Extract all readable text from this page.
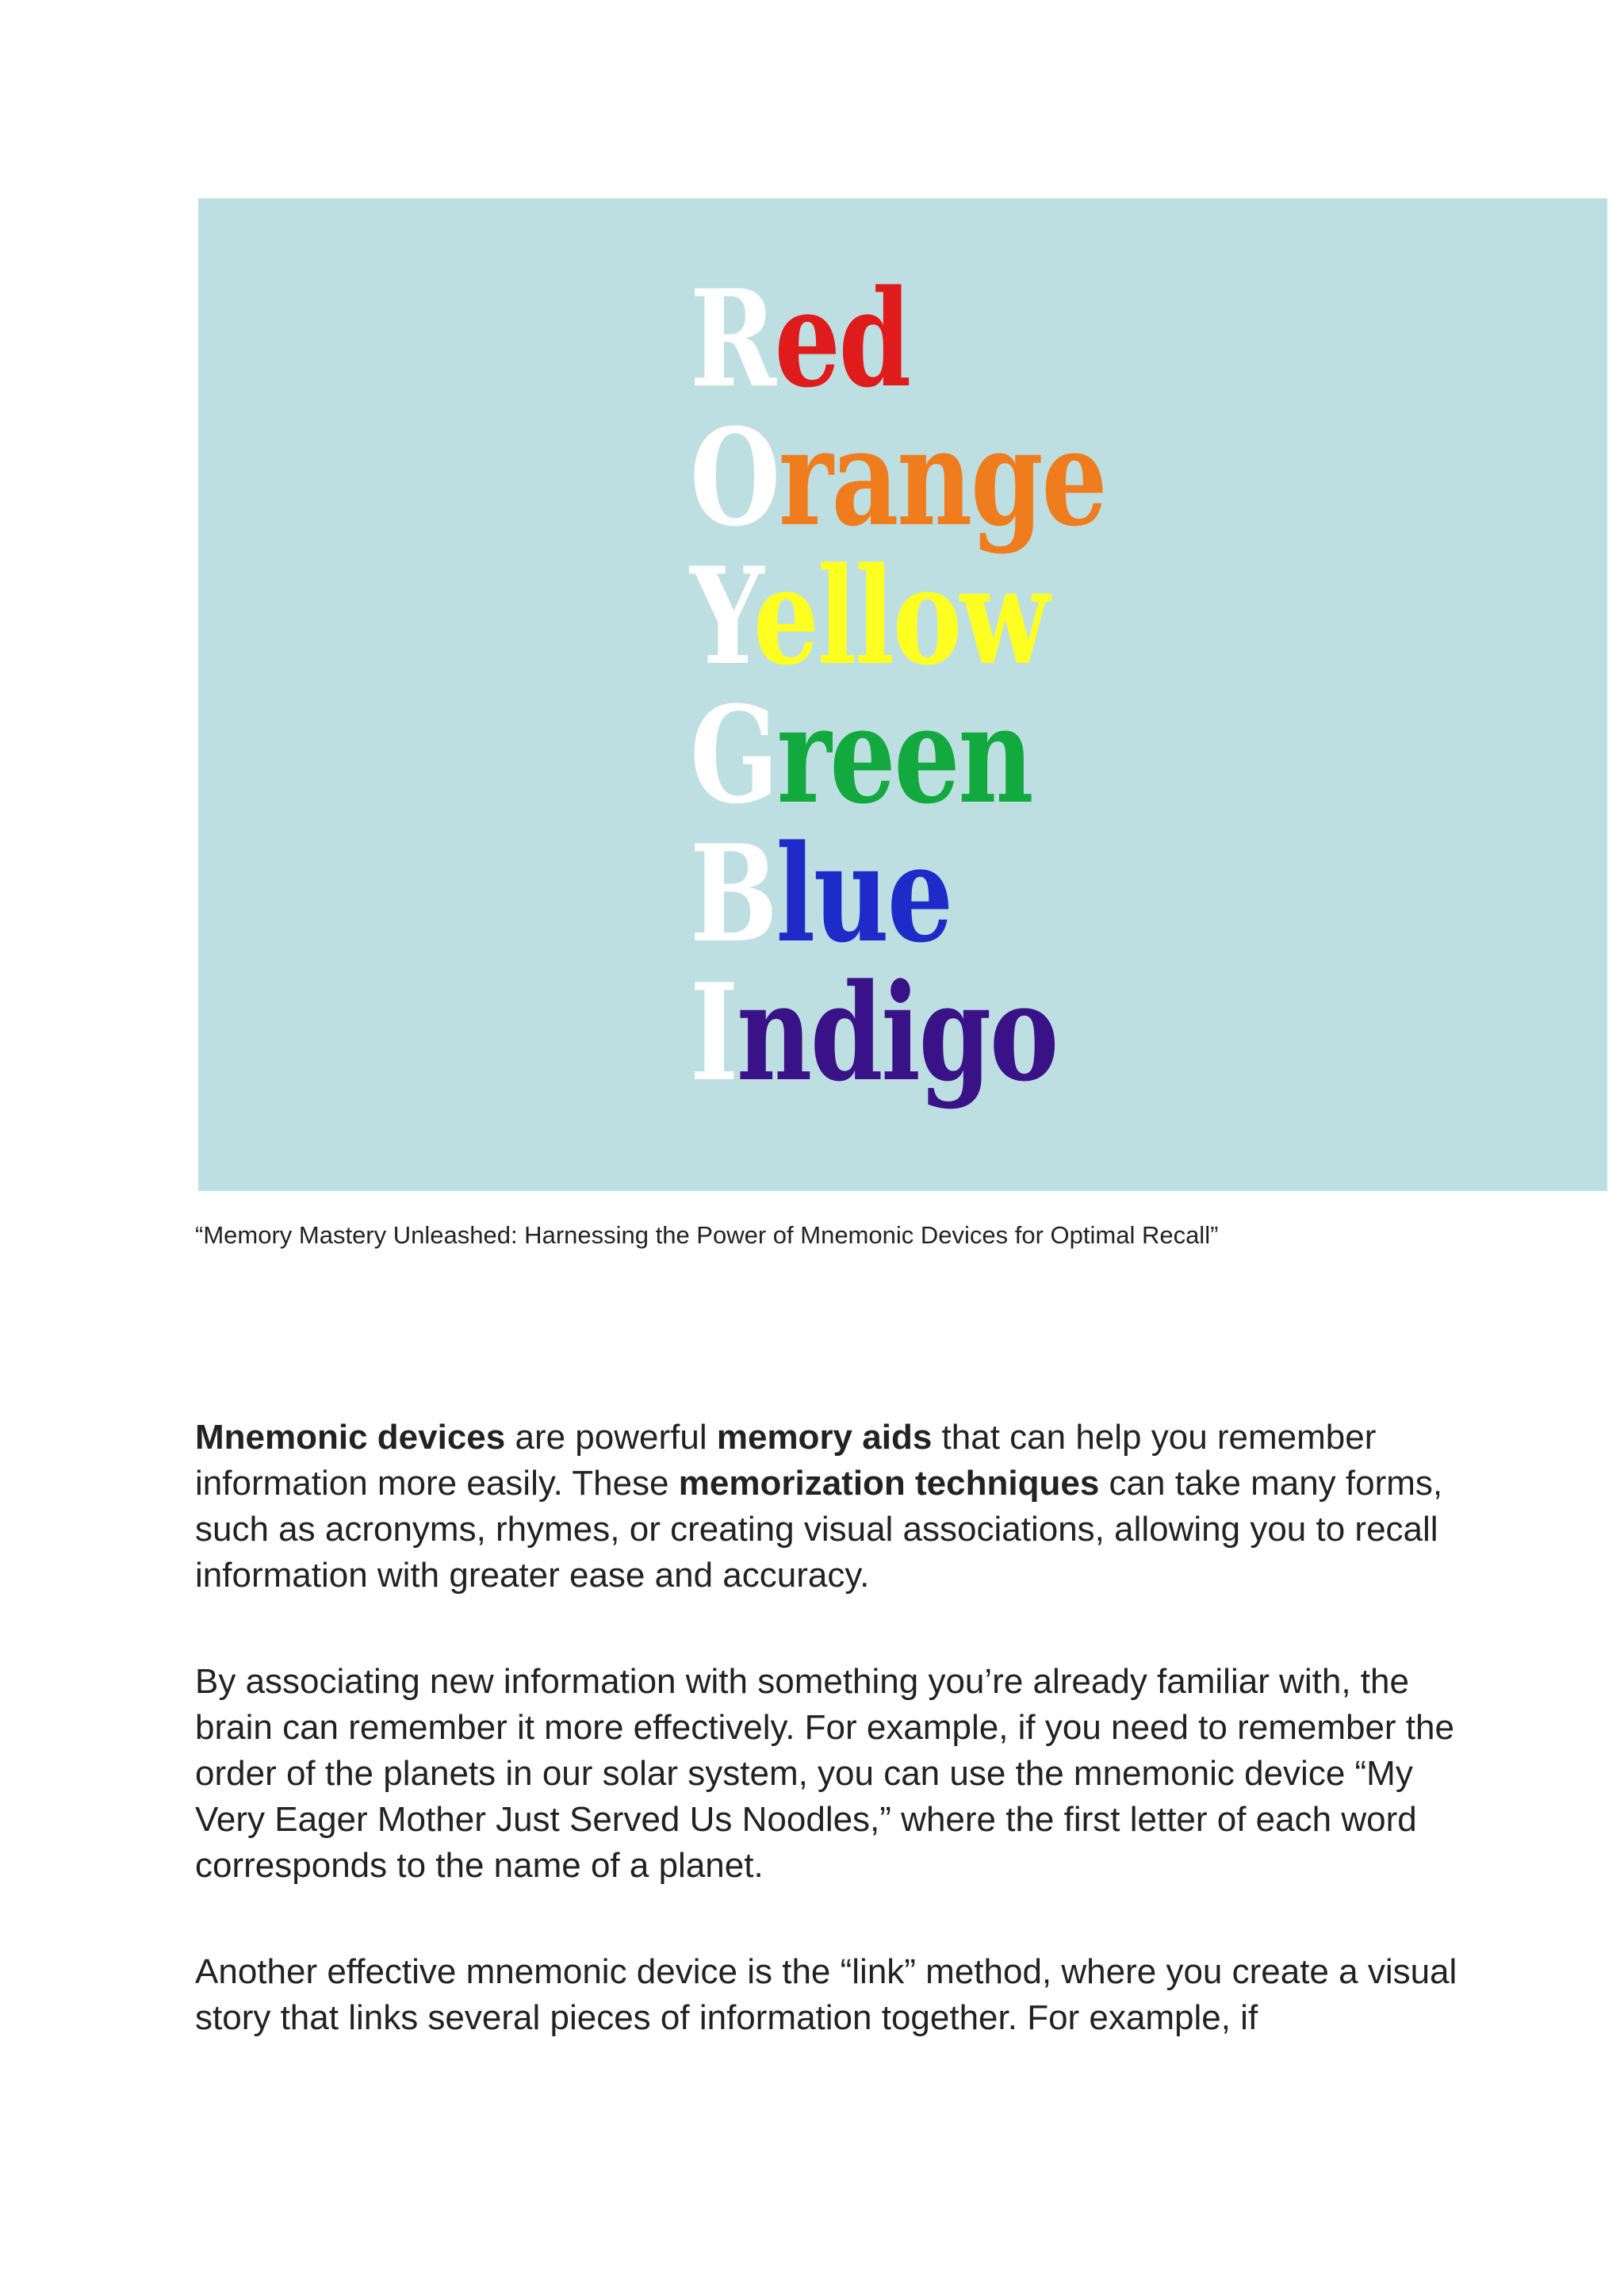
Red
Orange
Yellow
Green
Blue
Indigo
“Memory Mastery Unleashed: Harnessing the Power of Mnemonic Devices for Optimal Recall”

Mnemonic devices are powerful memory aids that can help you remember information more easily. These memorization techniques can take many forms, such as acronyms, rhymes, or creating visual associations, allowing you to recall information with greater ease and accuracy.

By associating new information with something you’re already familiar with, the brain can remember it more effectively. For example, if you need to remember the order of the planets in our solar system, you can use the mnemonic device “My Very Eager Mother Just Served Us Noodles,” where the first letter of each word corresponds to the name of a planet.

Another effective mnemonic device is the “link” method, where you create a visual story that links several pieces of information together. For example, if
